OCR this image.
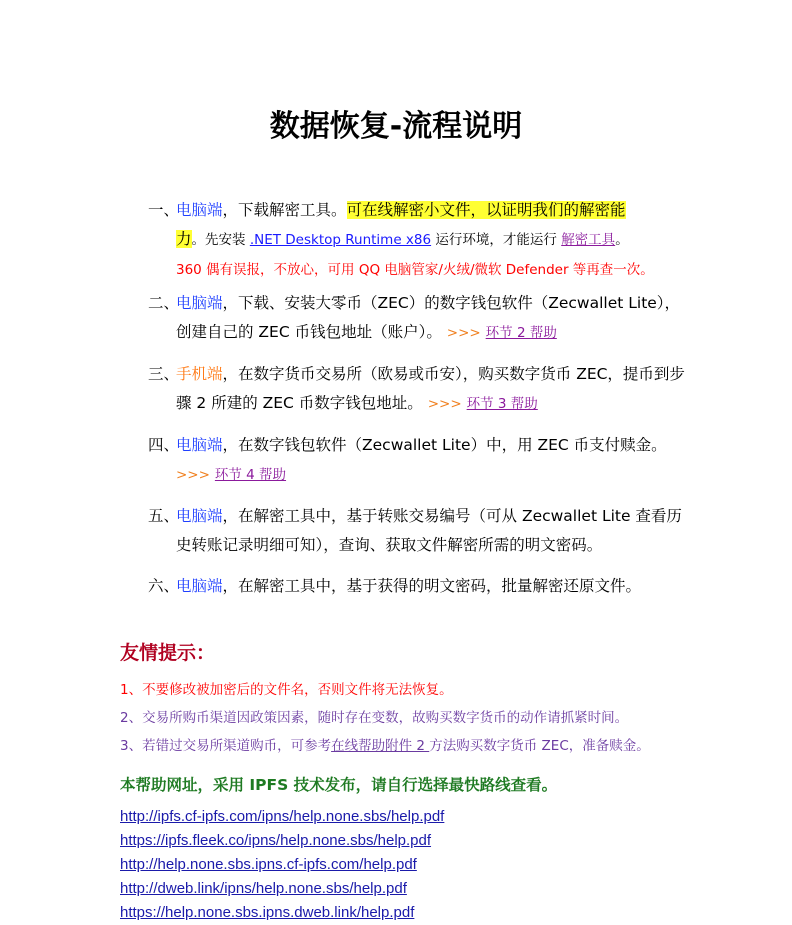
数据恢复-流程说明
一、
电脑端，下载解密工具。可在线解密小文件，以证明我们的解密能
力。先安装 .NET Desktop Runtime x86 运行环境，才能运行 解密工具。
360 偶有误报，不放心，可用 QQ 电脑管家/火绒/微软 Defender 等再查一次。
二、
电脑端，下载、安装大零币（ZEC）的数字钱包软件（Zecwallet Lite），创建自己的 ZEC 币钱包地址（账户）。 >>> 环节 2 帮助
三、
手机端，在数字货币交易所（欧易或币安），购买数字货币 ZEC，提币到步骤 2 所建的 ZEC 币数字钱包地址。 >>> 环节 3 帮助
四、
电脑端，在数字钱包软件（Zecwallet Lite）中，用 ZEC 币支付赎金。 >>> 环节 4 帮助
五、
电脑端，在解密工具中，基于转账交易编号（可从 Zecwallet Lite 查看历史转账记录明细可知），查询、获取文件解密所需的明文密码。
六、
电脑端，在解密工具中，基于获得的明文密码，批量解密还原文件。
友情提示：
1、不要修改被加密后的文件名，否则文件将无法恢复。
2、交易所购币渠道因政策因素，随时存在变数，故购买数字货币的动作请抓紧时间。
3、若错过交易所渠道购币，可参考在线帮助附件 2 方法购买数字货币 ZEC，准备赎金。
本帮助网址，采用 IPFS 技术发布，请自行选择最快路线查看。
http://ipfs.cf-ipfs.com/ipns/help.none.sbs/help.pdf
https://ipfs.fleek.co/ipns/help.none.sbs/help.pdf
http://help.none.sbs.ipns.cf-ipfs.com/help.pdf
http://dweb.link/ipns/help.none.sbs/help.pdf
https://help.none.sbs.ipns.dweb.link/help.pdf
